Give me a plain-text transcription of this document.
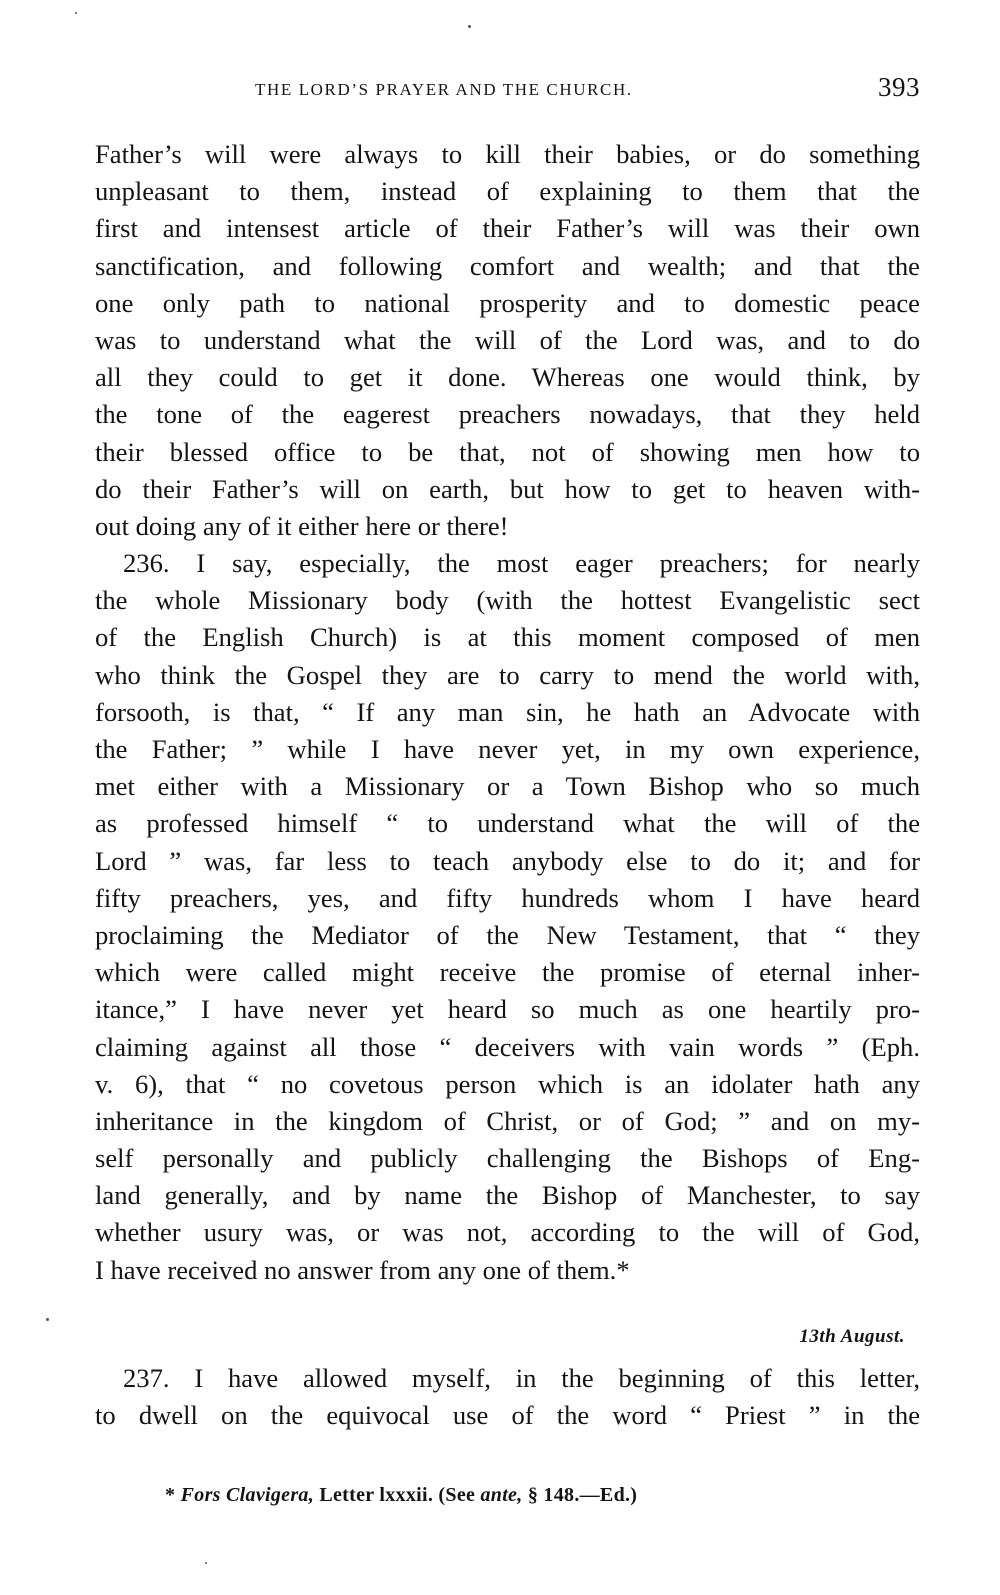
THE LORD’S PRAYER AND THE CHURCH.	393
Father’s will were always to kill their babies, or do something
unpleasant to them, instead of explaining to them that the
first and intensest article of their Father’s will was their own
sanctification, and following comfort and wealth; and that the
one only path to national prosperity and to domestic peace
was to understand what the will of the Lord was, and to do
all they could to get it done. Whereas one would think, by
the tone of the eagerest preachers nowadays, that they held
their blessed office to be that, not of showing men how to
do their Father’s will on earth, but how to get to heaven with-
out doing any of it either here or there!
236. I say, especially, the most eager preachers; for nearly
the whole Missionary body (with the hottest Evangelistic sect
of the English Church) is at this moment composed of men
who think the Gospel they are to carry to mend the world with,
forsooth, is that, “ If any man sin, he hath an Advocate with
the Father; ” while I have never yet, in my own experience,
met either with a Missionary or a Town Bishop who so much
as professed himself “ to understand what the will of the
Lord ” was, far less to teach anybody else to do it; and for
fifty preachers, yes, and fifty hundreds whom I have heard
proclaiming the Mediator of the New Testament, that “ they
which were called might receive the promise of eternal inher-
itance,” I have never yet heard so much as one heartily pro-
claiming against all those “ deceivers with vain words ” (Eph.
v. 6), that “ no covetous person which is an idolater hath any
inheritance in the kingdom of Christ, or of God; ” and on my-
self personally and publicly challenging the Bishops of Eng-
land generally, and by name the Bishop of Manchester, to say
whether usury was, or was not, according to the will of God,
I have received no answer from any one of them.*
13th August.
237. I have allowed myself, in the beginning of this letter,
to dwell on the equivocal use of the word “ Priest ” in the
* Fors Clavigera, Letter lxxxii. (See ante, § 148.—Ed.)
